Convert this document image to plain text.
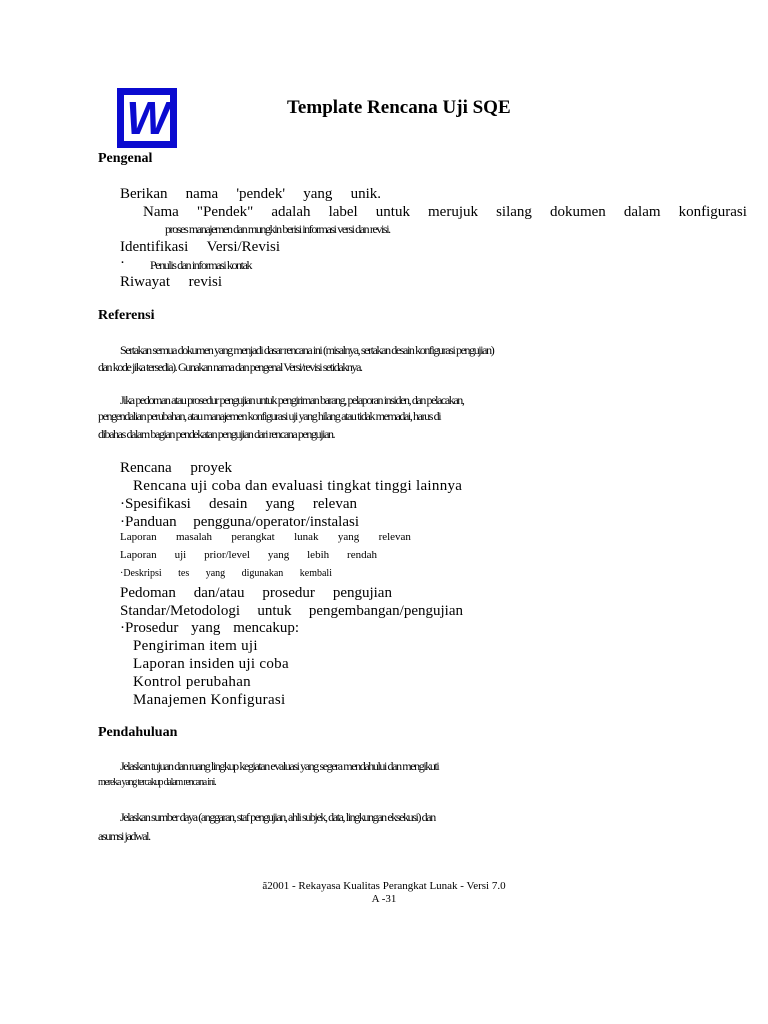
W	Template Rencana Uji SQE
Pengenal
Berikan nama 'pendek' yang unik.
Nama "Pendek" adalah label untuk merujuk silang dokumen dalam konfigurasi
proses manajemen dan mungkin berisi informasi versi dan revisi.
Identifikasi Versi/Revisi
· Penulis dan informasi kontak
Riwayat revisi
Referensi
Sertakan semua dokumen yang menjadi dasar rencana ini (misalnya, sertakan desain konfigurasi pengujian)
dan kode jika tersedia). Gunakan nama dan pengenal Versi/revisi setidaknya.
Jika pedoman atau prosedur pengujian untuk pengiriman barang, pelaporan insiden, dan pelacakan,
pengendalian perubahan, atau manajemen konfigurasi uji yang hilang atau tidak memadai, harus di
dibahas dalam bagian pendekatan pengujian dari rencana pengujian.
Rencana proyek
Rencana uji coba dan evaluasi tingkat tinggi lainnya
·Spesifikasi desain yang relevan
·Panduan pengguna/operator/instalasi
Laporan masalah perangkat lunak yang relevan
Laporan uji prior/level yang lebih rendah
·Deskripsi tes yang digunakan kembali
Pedoman dan/atau prosedur pengujian
Standar/Metodologi untuk pengembangan/pengujian
·Prosedur yang mencakup:
Pengiriman item uji
Laporan insiden uji coba
Kontrol perubahan
Manajemen Konfigurasi
Pendahuluan
Jelaskan tujuan dan ruang lingkup kegiatan evaluasi yang segera mendahului dan mengikuti
mereka yang tercakup dalam rencana ini.
Jelaskan sumber daya (anggaran, staf pengujian, ahli subjek, data, lingkungan eksekusi) dan
asumsi jadwal.
ã2001 - Rekayasa Kualitas Perangkat Lunak - Versi 7.0
A -31
